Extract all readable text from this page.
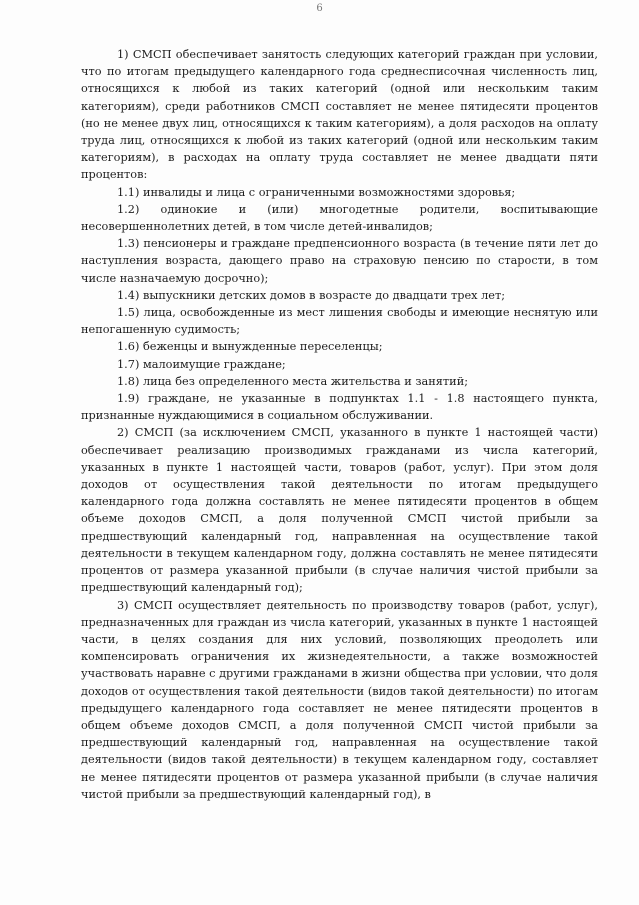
6

1) СМСП обеспечивает занятость следующих категорий граждан при условии, что по итогам предыдущего календарного года среднесписочная численность лиц, относящихся к любой из таких категорий (одной или нескольким таким категориям), среди работников СМСП составляет не менее пятидесяти процентов (но не менее двух лиц, относящихся к таким категориям), а доля расходов на оплату труда лиц, относящихся к любой из таких категорий (одной или нескольким таким категориям), в расходах на оплату труда составляет не менее двадцати пяти процентов:

1.1) инвалиды и лица с ограниченными возможностями здоровья;

1.2) одинокие и (или) многодетные родители, воспитывающие несовершеннолетних детей, в том числе детей-инвалидов;

1.3) пенсионеры и граждане предпенсионного возраста (в течение пяти лет до наступления возраста, дающего право на страховую пенсию по старости, в том числе назначаемую досрочно);

1.4) выпускники детских домов в возрасте до двадцати трех лет;

1.5) лица, освобожденные из мест лишения свободы и имеющие неснятую или непогашенную судимость;

1.6) беженцы и вынужденные переселенцы;

1.7) малоимущие граждане;

1.8) лица без определенного места жительства и занятий;

1.9) граждане, не указанные в подпунктах 1.1 - 1.8 настоящего пункта, признанные нуждающимися в социальном обслуживании.

2) СМСП (за исключением СМСП, указанного в пункте 1 настоящей части) обеспечивает реализацию производимых гражданами из числа категорий, указанных в пункте 1 настоящей части, товаров (работ, услуг). При этом доля доходов от осуществления такой деятельности по итогам предыдущего календарного года должна составлять не менее пятидесяти процентов в общем объеме доходов СМСП, а доля полученной СМСП чистой прибыли за предшествующий календарный год, направленная на осуществление такой деятельности в текущем календарном году, должна составлять не менее пятидесяти процентов от размера указанной прибыли (в случае наличия чистой прибыли за предшествующий календарный год);

3) СМСП осуществляет деятельность по производству товаров (работ, услуг), предназначенных для граждан из числа категорий, указанных в пункте 1 настоящей части, в целях создания для них условий, позволяющих преодолеть или компенсировать ограничения их жизнедеятельности, а также возможностей участвовать наравне с другими гражданами в жизни общества при условии, что доля доходов от осуществления такой деятельности (видов такой деятельности) по итогам предыдущего календарного года составляет не менее пятидесяти процентов в общем объеме доходов СМСП, а доля полученной СМСП чистой прибыли за предшествующий календарный год, направленная на осуществление такой деятельности (видов такой деятельности) в текущем календарном году, составляет не менее пятидесяти процентов от размера указанной прибыли (в случае наличия чистой прибыли за предшествующий календарный год), в
